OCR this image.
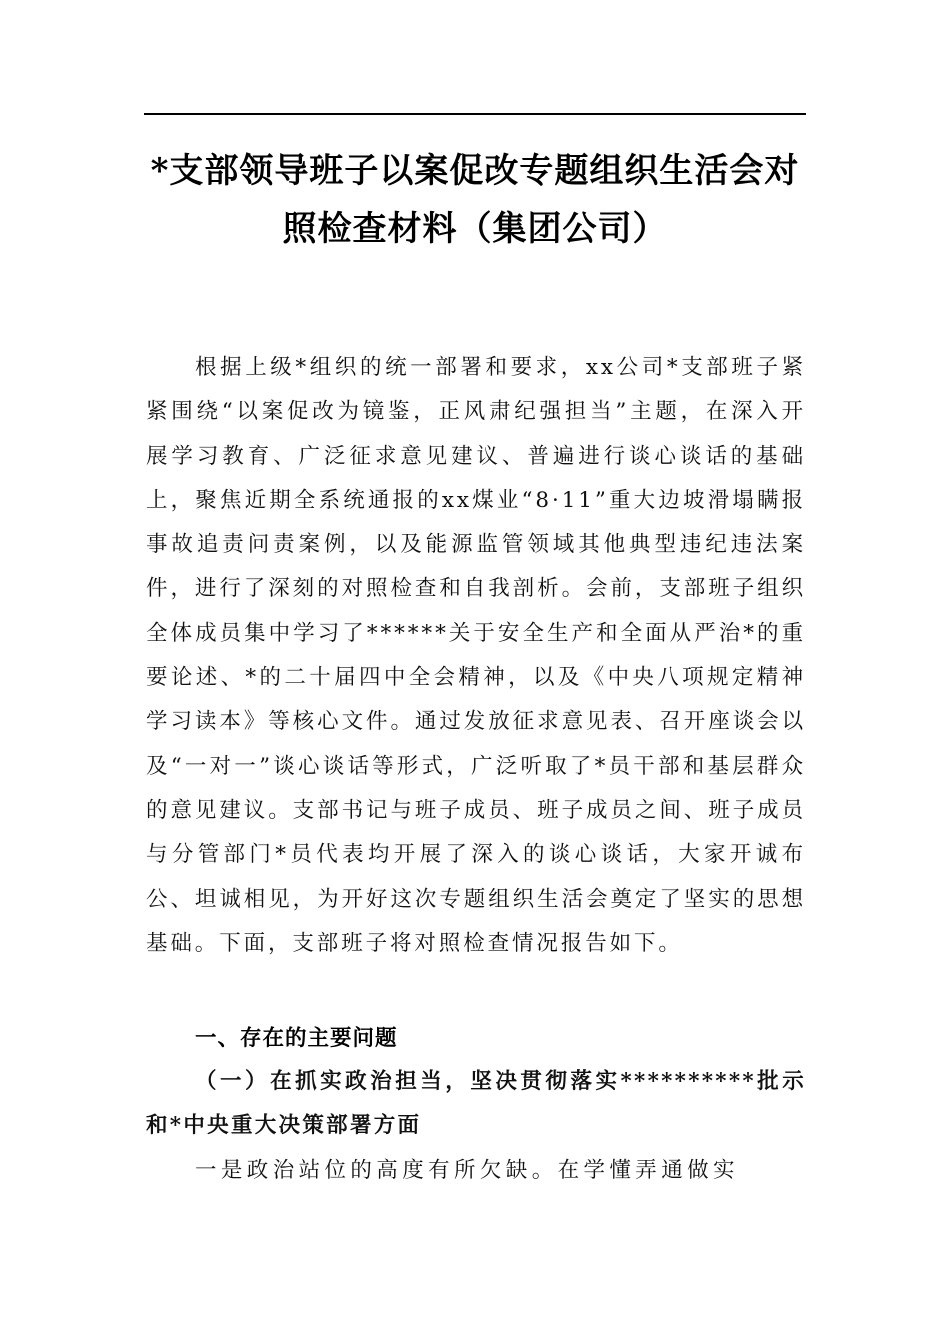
*支部领导班子以案促改专题组织生活会对照检查材料（集团公司）

根据上级*组织的统一部署和要求，xx公司*支部班子紧紧围绕“以案促改为镜鉴，正风肃纪强担当”主题，在深入开展学习教育、广泛征求意见建议、普遍进行谈心谈话的基础上，聚焦近期全系统通报的xx煤业“8·11”重大边坡滑塌瞒报事故追责问责案例，以及能源监管领域其他典型违纪违法案件，进行了深刻的对照检查和自我剖析。会前，支部班子组织全体成员集中学习了******关于安全生产和全面从严治*的重要论述、*的二十届四中全会精神，以及《中央八项规定精神学习读本》等核心文件。通过发放征求意见表、召开座谈会以及“一对一”谈心谈话等形式，广泛听取了*员干部和基层群众的意见建议。支部书记与班子成员、班子成员之间、班子成员与分管部门*员代表均开展了深入的谈心谈话，大家开诚布公、坦诚相见，为开好这次专题组织生活会奠定了坚实的思想基础。下面，支部班子将对照检查情况报告如下。

一、存在的主要问题
（一）在抓实政治担当，坚决贯彻落实**********批示和*中央重大决策部署方面

一是政治站位的高度有所欠缺。在学懂弄通做实
